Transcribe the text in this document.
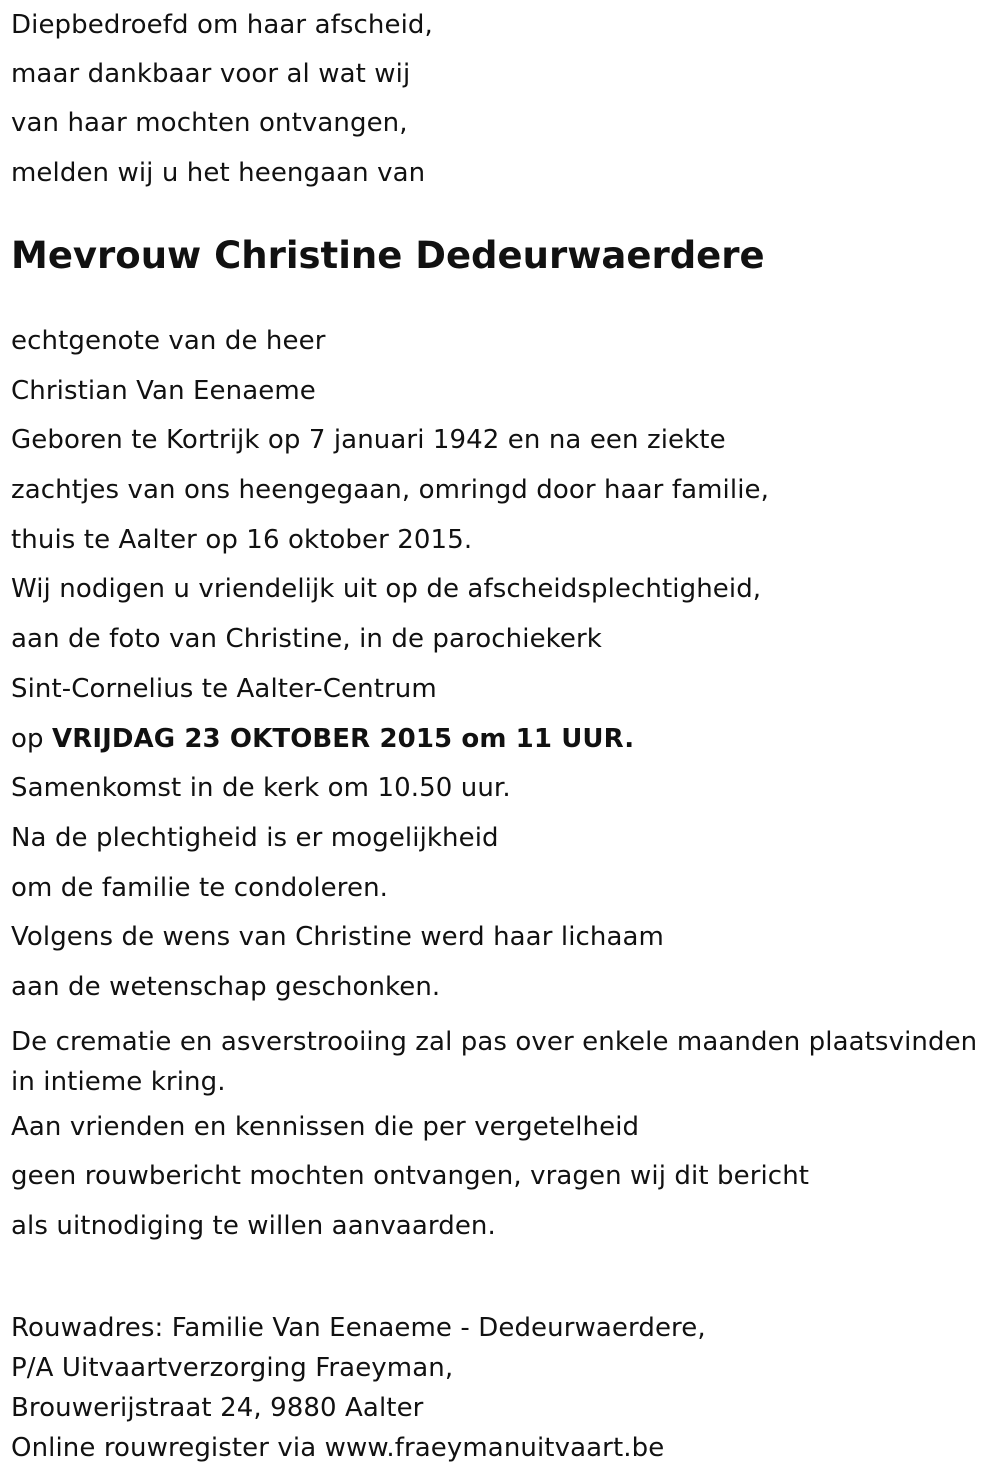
Diepbedroefd om haar afscheid,
maar dankbaar voor al wat wij
van haar mochten ontvangen,
melden wij u het heengaan van
Mevrouw Christine Dedeurwaerdere
echtgenote van de heer
Christian Van Eenaeme
Geboren te Kortrijk op 7 januari 1942 en na een ziekte
zachtjes van ons heengegaan, omringd door haar familie,
thuis te Aalter op 16 oktober 2015.
Wij nodigen u vriendelijk uit op de afscheidsplechtigheid,
aan de foto van Christine, in de parochiekerk
Sint-Cornelius te Aalter-Centrum
op VRIJDAG 23 OKTOBER 2015 om 11 UUR.
Samenkomst in de kerk om 10.50 uur.
Na de plechtigheid is er mogelijkheid
om de familie te condoleren.
Volgens de wens van Christine werd haar lichaam
aan de wetenschap geschonken.
De crematie en asverstrooiing zal pas over enkele maanden plaatsvinden in intieme kring.
Aan vrienden en kennissen die per vergetelheid
geen rouwbericht mochten ontvangen, vragen wij dit bericht
als uitnodiging te willen aanvaarden.
Rouwadres: Familie Van Eenaeme - Dedeurwaerdere,
P/A Uitvaartverzorging Fraeyman,
Brouwerijstraat 24, 9880 Aalter
Online rouwregister via www.fraeymanuitvaart.be
